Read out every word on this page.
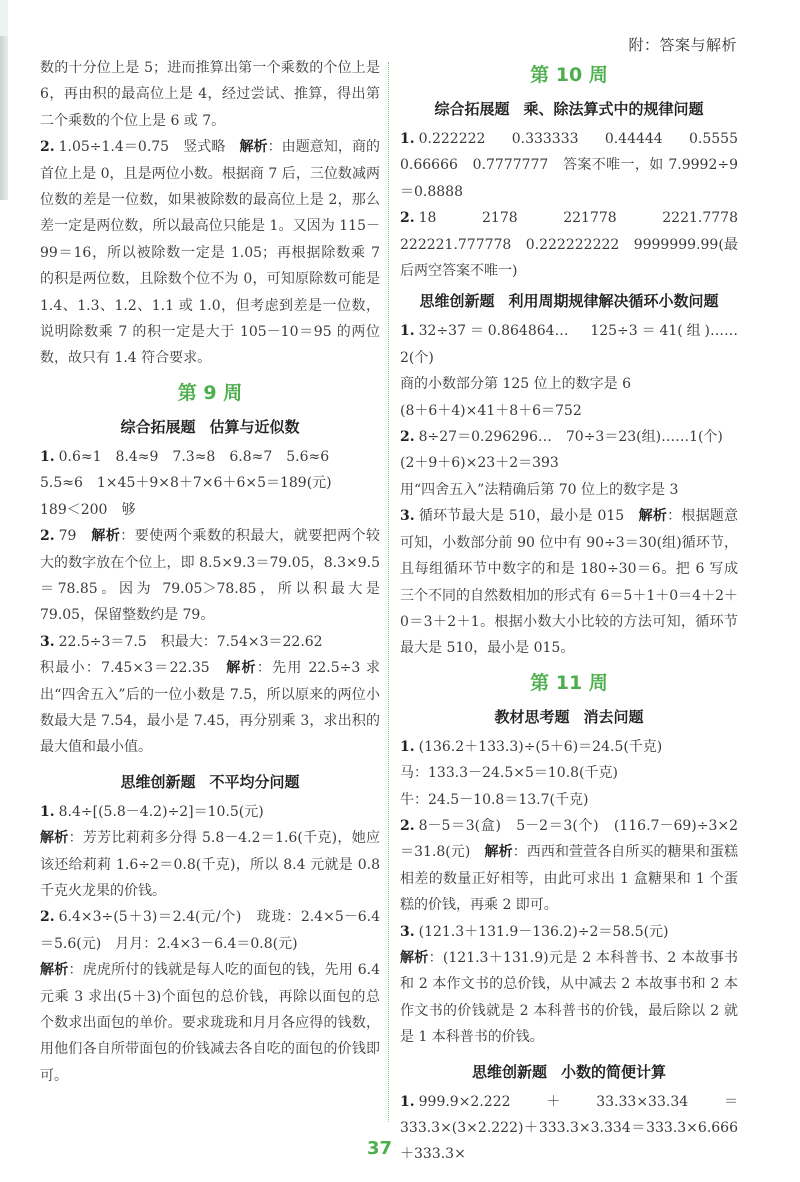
附：答案与解析

数的十分位上是 5；进而推算出第一个乘数的个位上是 6，再由积的最高位上是 4，经过尝试、推算，得出第二个乘数的个位上是 6 或 7。

2. 1.05÷1.4＝0.75　竖式略　解析：由题意知，商的首位上是 0，且是两位小数。根据商 7 后，三位数减两位数的差是一位数，如果被除数的最高位上是 2，那么差一定是两位数，所以最高位只能是 1。又因为 115－99＝16，所以被除数一定是 1.05；再根据除数乘 7 的积是两位数，且除数个位不为 0，可知原除数可能是 1.4、1.3、1.2、1.1 或 1.0，但考虑到差是一位数，说明除数乘 7 的积一定是大于 105－10＝95 的两位数，故只有 1.4 符合要求。

第 9 周
综合拓展题 估算与近似数

1. 0.6≈1　8.4≈9　7.3≈8　6.8≈7　5.6≈6

5.5≈6　1×45＋9×8＋7×6＋6×5＝189(元)

189＜200　够

2. 79　解析：要使两个乘数的积最大，就要把两个较大的数字放在个位上，即 8.5×9.3＝79.05，8.3×9.5＝78.85。因为 79.05＞78.85，所以积最大是 79.05，保留整数约是 79。

3. 22.5÷3＝7.5　积最大：7.54×3＝22.62

积最小：7.45×3＝22.35　解析：先用 22.5÷3 求出“四舍五入”后的一位小数是 7.5，所以原来的两位小数最大是 7.54，最小是 7.45，再分别乘 3，求出积的最大值和最小值。

思维创新题 不平均分问题

1. 8.4÷[(5.8－4.2)÷2]＝10.5(元)

解析：芳芳比莉莉多分得 5.8－4.2＝1.6(千克)，她应该还给莉莉 1.6÷2＝0.8(千克)，所以 8.4 元就是 0.8 千克火龙果的价钱。

2. 6.4×3÷(5＋3)＝2.4(元/个)　珑珑：2.4×5－6.4＝5.6(元)　月月：2.4×3－6.4＝0.8(元)

解析：虎虎所付的钱就是每人吃的面包的钱，先用 6.4 元乘 3 求出(5＋3)个面包的总价钱，再除以面包的总个数求出面包的单价。要求珑珑和月月各应得的钱数，用他们各自所带面包的价钱减去各自吃的面包的价钱即可。

第 10 周
综合拓展题 乘、除法算式中的规律问题

1. 0.222222　0.333333　0.44444　0.5555　0.66666　0.7777777　答案不唯一，如 7.9992÷9＝0.8888

2. 18　2178　221778　2221.7778　222221.777778　0.222222222　9999999.99(最后两空答案不唯一)

思维创新题 利用周期规律解决循环小数问题

1. 32÷37＝0.864864…　125÷3＝41(组)……2(个)

商的小数部分第 125 位上的数字是 6

(8＋6＋4)×41＋8＋6＝752

2. 8÷27＝0.296296…　70÷3＝23(组)……1(个)

(2＋9＋6)×23＋2＝393

用“四舍五入”法精确后第 70 位上的数字是 3

3. 循环节最大是 510，最小是 015　解析：根据题意可知，小数部分前 90 位中有 90÷3＝30(组)循环节，且每组循环节中数字的和是 180÷30＝6。把 6 写成三个不同的自然数相加的形式有 6＝5＋1＋0＝4＋2＋0＝3＋2＋1。根据小数大小比较的方法可知，循环节最大是 510，最小是 015。

第 11 周
教材思考题 消去问题

1. (136.2＋133.3)÷(5＋6)＝24.5(千克)

马：133.3－24.5×5＝10.8(千克)

牛：24.5－10.8＝13.7(千克)

2. 8－5＝3(盒)　5－2＝3(个)　(116.7－69)÷3×2＝31.8(元)　解析：西西和萱萱各自所买的糖果和蛋糕相差的数量正好相等，由此可求出 1 盒糖果和 1 个蛋糕的价钱，再乘 2 即可。

3. (121.3＋131.9－136.2)÷2＝58.5(元)

解析：(121.3＋131.9)元是 2 本科普书、2 本故事书和 2 本作文书的总价钱，从中减去 2 本故事书和 2 本作文书的价钱就是 2 本科普书的价钱，最后除以 2 就是 1 本科普书的价钱。

思维创新题 小数的简便计算

1. 999.9×2.222＋33.33×33.34＝333.3×(3×2.222)＋333.3×3.334＝333.3×6.666＋333.3×

37
